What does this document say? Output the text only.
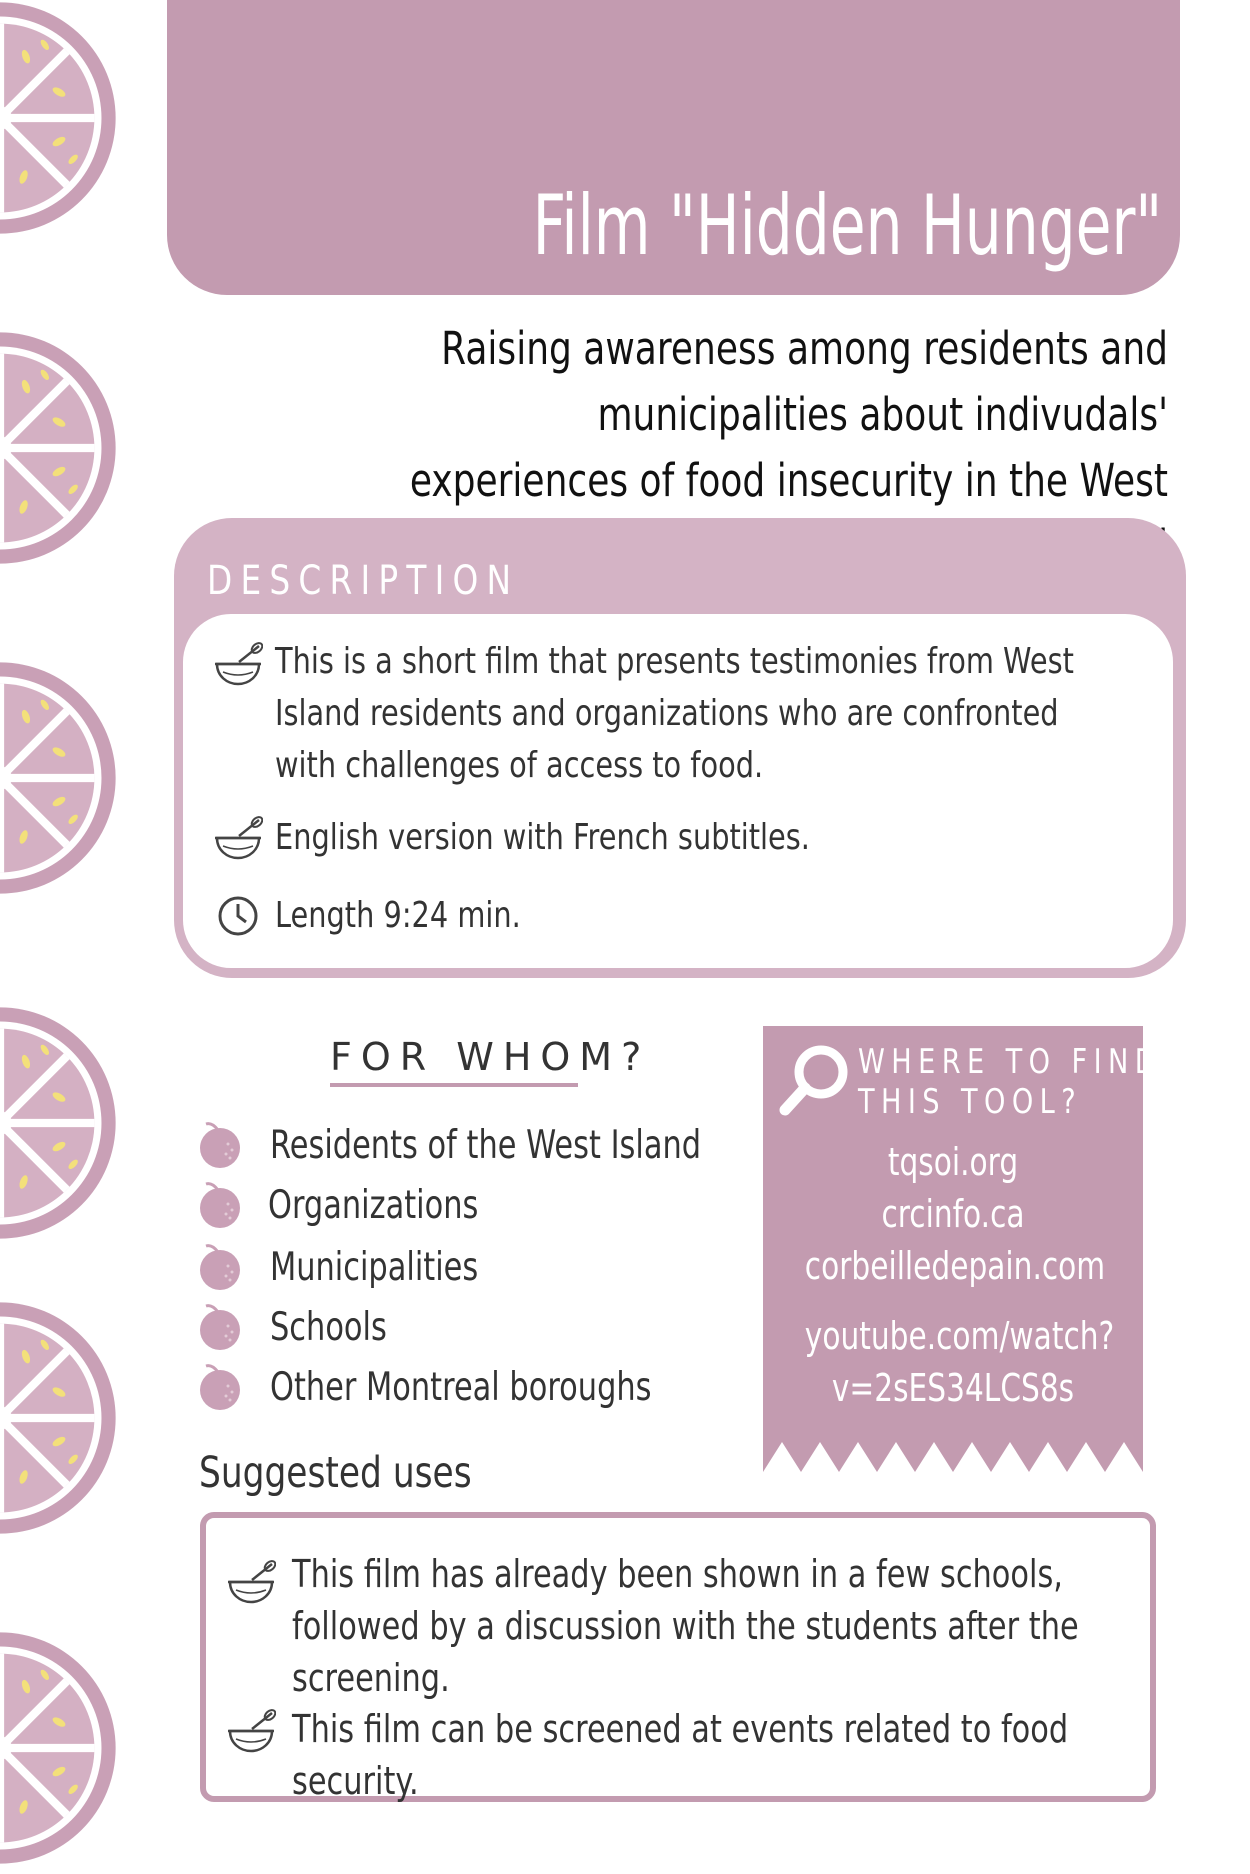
Film "Hidden Hunger"
Raising awareness among residents and municipalities about indivudals' experiences of food insecurity in the West
DESCRIPTION
This is a short film that presents testimonies from West Island residents and organizations who are confronted with challenges of access to food.
English version with French subtitles.
Length 9:24 min.
FOR WHOM?
Residents of the West Island
Organizations
Municipalities
Schools
Other Montreal boroughs
WHERE TO FIND
THIS TOOL?
tqsoi.org
crcinfo.ca
corbeilledepain.com
youtube.com/watch?
v=2sES34LCS8s
Suggested uses
This film has already been shown in a few schools, followed by a discussion with the students after the screening.
This film can be screened at events related to food security.
